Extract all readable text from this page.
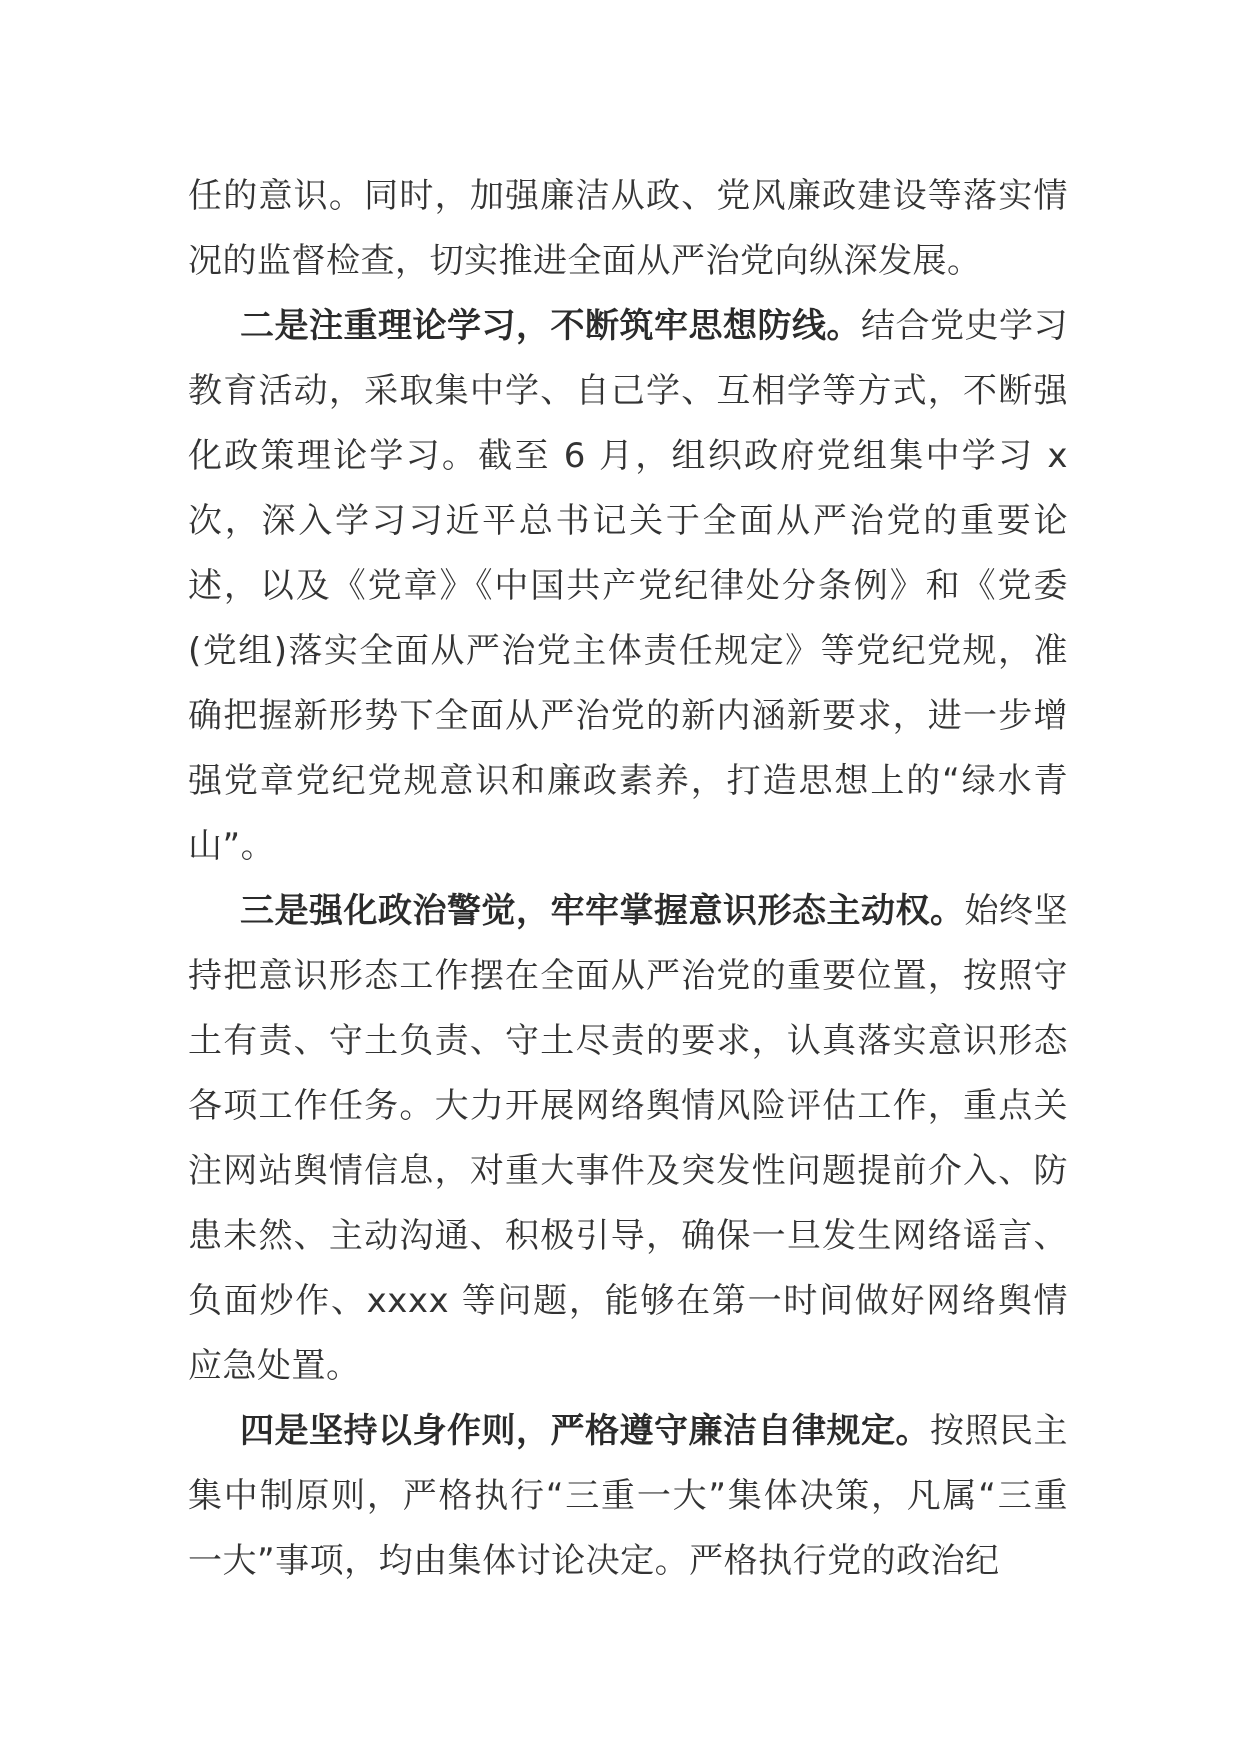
任的意识。同时，加强廉洁从政、党风廉政建设等落实情况的监督检查，切实推进全面从严治党向纵深发展。

二是注重理论学习，不断筑牢思想防线。结合党史学习教育活动，采取集中学、自己学、互相学等方式，不断强化政策理论学习。截至 6 月，组织政府党组集中学习 x 次，深入学习习近平总书记关于全面从严治党的重要论述，以及《党章》《中国共产党纪律处分条例》和《党委(党组)落实全面从严治党主体责任规定》等党纪党规，准确把握新形势下全面从严治党的新内涵新要求，进一步增强党章党纪党规意识和廉政素养，打造思想上的“绿水青山”。

三是强化政治警觉，牢牢掌握意识形态主动权。始终坚持把意识形态工作摆在全面从严治党的重要位置，按照守土有责、守土负责、守土尽责的要求，认真落实意识形态各项工作任务。大力开展网络舆情风险评估工作，重点关注网站舆情信息，对重大事件及突发性问题提前介入、防患未然、主动沟通、积极引导，确保一旦发生网络谣言、负面炒作、xxxx 等问题，能够在第一时间做好网络舆情应急处置。

四是坚持以身作则，严格遵守廉洁自律规定。按照民主集中制原则，严格执行“三重一大”集体决策，凡属“三重一大”事项，均由集体讨论决定。严格执行党的政治纪
